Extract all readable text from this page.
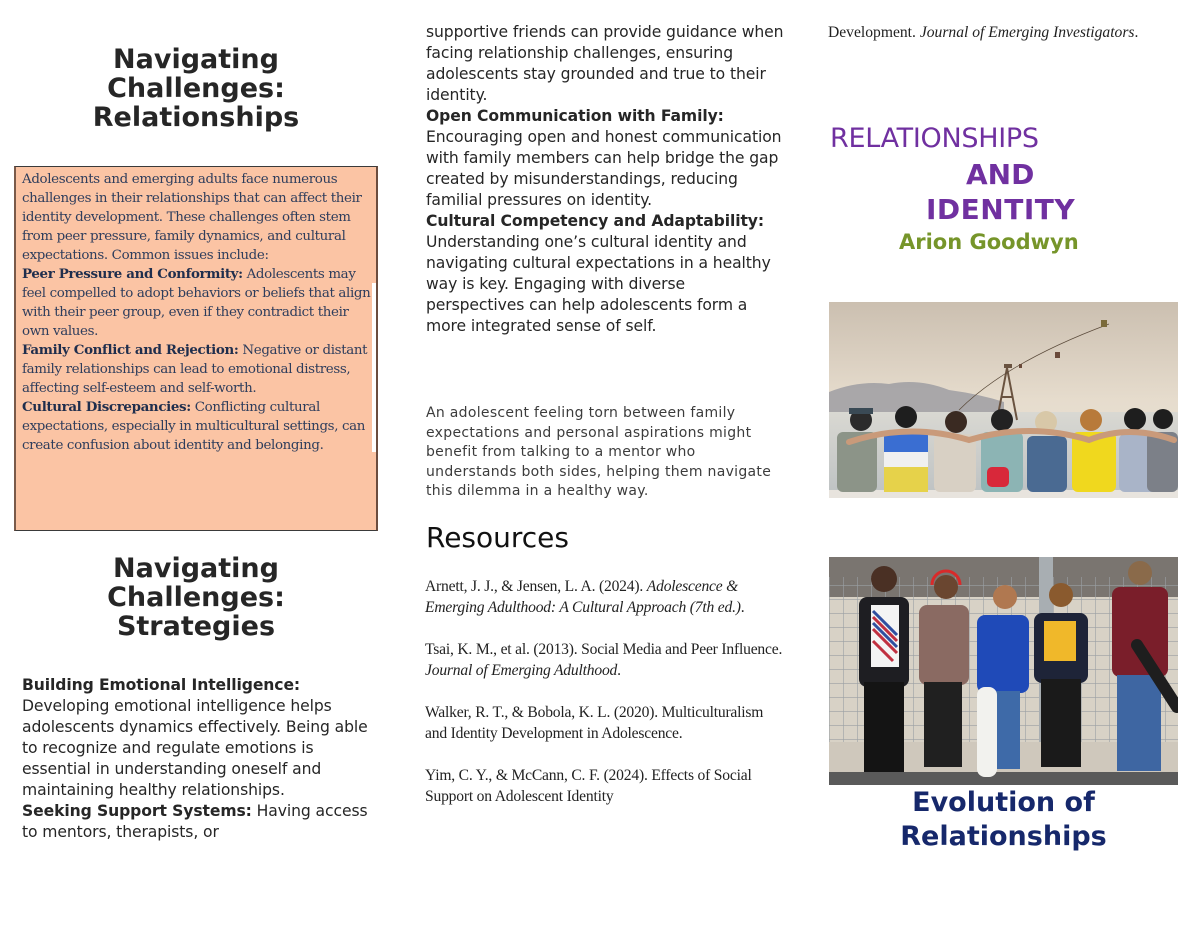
Navigating
Challenges:
Relationships

Adolescents and emerging adults face numerous challenges in their relationships that can affect their identity development. These challenges often stem from peer pressure, family dynamics, and cultural expectations. Common issues include:

Peer Pressure and Conformity: Adolescents may feel compelled to adopt behaviors or beliefs that align with their peer group, even if they contradict their own values.

Family Conflict and Rejection: Negative or distant family relationships can lead to emotional distress, affecting self-esteem and self-worth.

Cultural Discrepancies: Conflicting cultural expectations, especially in multicultural settings, can create confusion about identity and belonging.

Navigating
Challenges:
Strategies
Building Emotional Intelligence: Developing emotional intelligence helps adolescents dynamics effectively. Being able to recognize and regulate emotions is essential in understanding oneself and maintaining healthy relationships.
Seeking Support Systems: Having access to mentors, therapists, or
supportive friends can provide guidance when facing relationship challenges, ensuring adolescents stay grounded and true to their identity.
Open Communication with Family: Encouraging open and honest communication with family members can help bridge the gap created by misunderstandings, reducing familial pressures on identity.
Cultural Competency and Adaptability: Understanding one’s cultural identity and navigating cultural expectations in a healthy way is key. Engaging with diverse perspectives can help adolescents form a more integrated sense of self.
An adolescent feeling torn between family expectations and personal aspirations might benefit from talking to a mentor who understands both sides, helping them navigate this dilemma in a healthy way.
Resources
Arnett, J. J., & Jensen, L. A. (2024). Adolescence & Emerging Adulthood: A Cultural Approach (7th ed.).
Tsai, K. M., et al. (2013). Social Media and Peer Influence. Journal of Emerging Adulthood.
Walker, R. T., & Bobola, K. L. (2020). Multiculturalism and Identity Development in Adolescence.
Yim, C. Y., & McCann, C. F. (2024). Effects of Social Support on Adolescent Identity
Development. Journal of Emerging Investigators.
RELATIONSHIPS
AND
IDENTITY
Arion Goodwyn
Evolution of
Relationships
